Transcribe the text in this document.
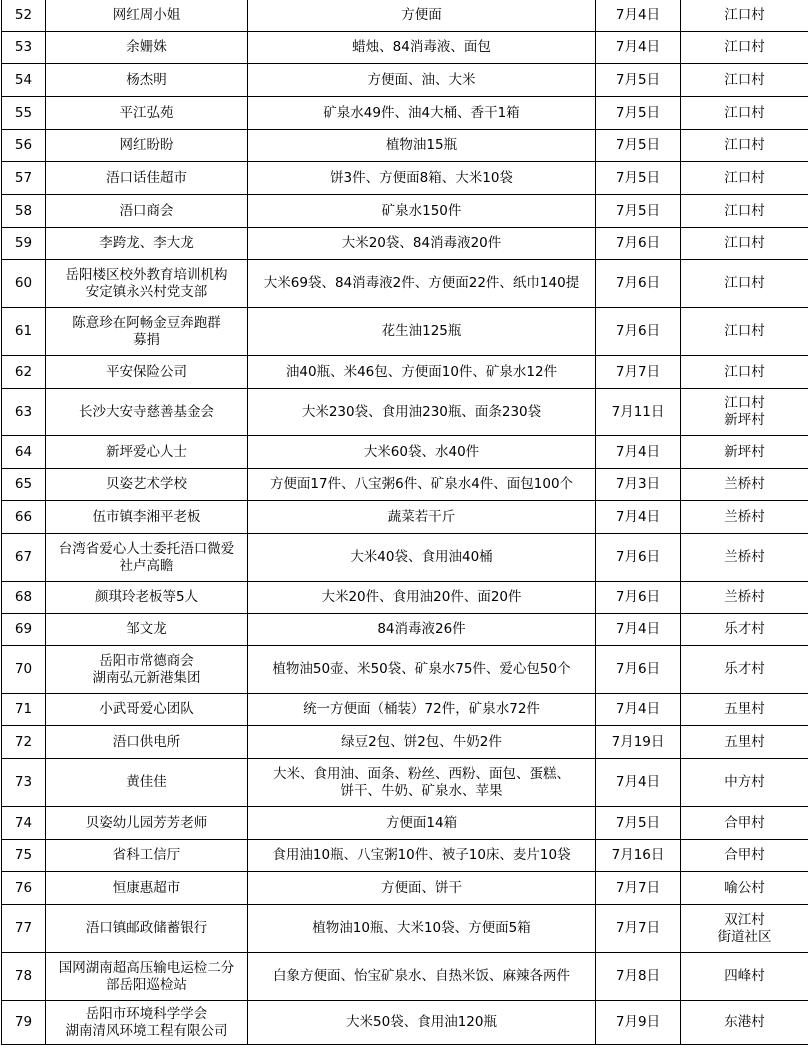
52	网红周小姐	方便面	7月4日	江口村
53	余姗姝	蜡烛、84消毒液、面包	7月4日	江口村
54	杨杰明	方便面、油、大米	7月5日	江口村
55	平江弘苑	矿泉水49件、油4大桶、香干1箱	7月5日	江口村
56	网红盼盼	植物油15瓶	7月5日	江口村
57	浯口话佳超市	饼3件、方便面8箱、大米10袋	7月5日	江口村
58	浯口商会	矿泉水150件	7月5日	江口村
59	李跨龙、李大龙	大米20袋、84消毒液20件	7月6日	江口村
60	岳阳楼区校外教育培训机构
安定镇永兴村党支部	大米69袋、84消毒液2件、方便面22件、纸巾140提	7月6日	江口村
61	陈意珍在阿畅金豆奔跑群
募捐	花生油125瓶	7月6日	江口村
62	平安保险公司	油40瓶、米46包、方便面10件、矿泉水12件	7月7日	江口村
63	长沙大安寺慈善基金会	大米230袋、食用油230瓶、面条230袋	7月11日	江口村
新坪村
64	新坪爱心人士	大米60袋、水40件	7月4日	新坪村
65	贝姿艺术学校	方便面17件、八宝粥6件、矿泉水4件、面包100个	7月3日	兰桥村
66	伍市镇李湘平老板	蔬菜若干斤	7月4日	兰桥村
67	台湾省爱心人士委托浯口微爱
社卢高瞻	大米40袋、食用油40桶	7月6日	兰桥村
68	颜琪玲老板等5人	大米20件、食用油20件、面20件	7月6日	兰桥村
69	邹文龙	84消毒液26件	7月4日	乐才村
70	岳阳市常德商会
湖南弘元新港集团	植物油50壶、米50袋、矿泉水75件、爱心包50个	7月6日	乐才村
71	小武哥爱心团队	统一方便面（桶装）72件，矿泉水72件	7月4日	五里村
72	浯口供电所	绿豆2包、饼2包、牛奶2件	7月19日	五里村
73	黄佳佳	大米、食用油、面条、粉丝、西粉、面包、蛋糕、
饼干、牛奶、矿泉水、苹果	7月4日	中方村
74	贝姿幼儿园芳芳老师	方便面14箱	7月5日	合甲村
75	省科工信厅	食用油10瓶、八宝粥10件、被子10床、麦片10袋	7月16日	合甲村
76	恒康惠超市	方便面、饼干	7月7日	喻公村
77	浯口镇邮政储蓄银行	植物油10瓶、大米10袋、方便面5箱	7月7日	双江村
街道社区
78	国网湖南超高压输电运检二分
部岳阳巡检站	白象方便面、怡宝矿泉水、自热米饭、麻辣各两件	7月8日	四峰村
79	岳阳市环境科学学会
湖南清风环境工程有限公司	大米50袋、食用油120瓶	7月9日	东港村
